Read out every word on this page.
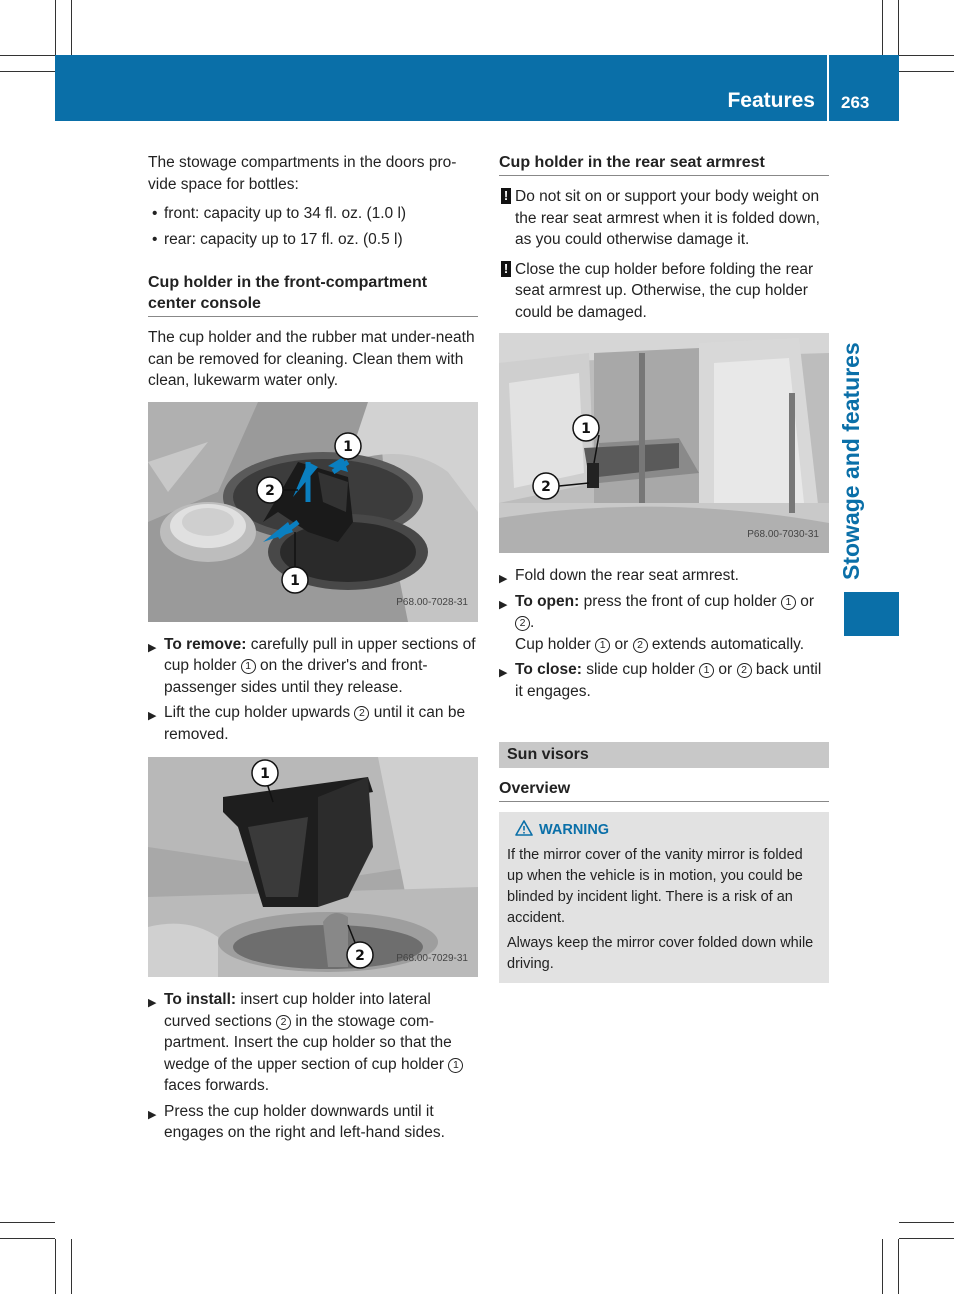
Features 263
Stowage and features

The stowage compartments in the doors pro-vide space for bottles:

• front: capacity up to 34 fl. oz. (1.0 l)
• rear: capacity up to 17 fl. oz. (0.5 l)
Cup holder in the front-compartment center console

The cup holder and the rubber mat under-neath can be removed for cleaning. Clean them with clean, lukewarm water only.

1
2
1
P68.00-7028-31
▶ To remove: carefully pull in upper sections of cup holder 1 on the driver's and front-passenger sides until they release.
▶ Lift the cup holder upwards 2 until it can be removed.
1
2	P68.00-7029-31
▶ To install: insert cup holder into lateral curved sections 2 in the stowage com-partment. Insert the cup holder so that the wedge of the upper section of cup holder 1 faces forwards.
▶ Press the cup holder downwards until it engages on the right and left-hand sides.
Cup holder in the rear seat armrest
! Do not sit on or support your body weight on the rear seat armrest when it is folded down, as you could otherwise damage it.
! Close the cup holder before folding the rear seat armrest up. Otherwise, the cup holder could be damaged.
1
2
P68.00-7030-31
▶ Fold down the rear seat armrest.
▶ To open: press the front of cup holder 1 or 2 .
Cup holder 1 or 2 extends automatically.
▶ To close: slide cup holder 1 or 2 back until it engages.
Sun visors
Overview
WARNING

If the mirror cover of the vanity mirror is folded up when the vehicle is in motion, you could be blinded by incident light. There is a risk of an accident.

Always keep the mirror cover folded down while driving.
